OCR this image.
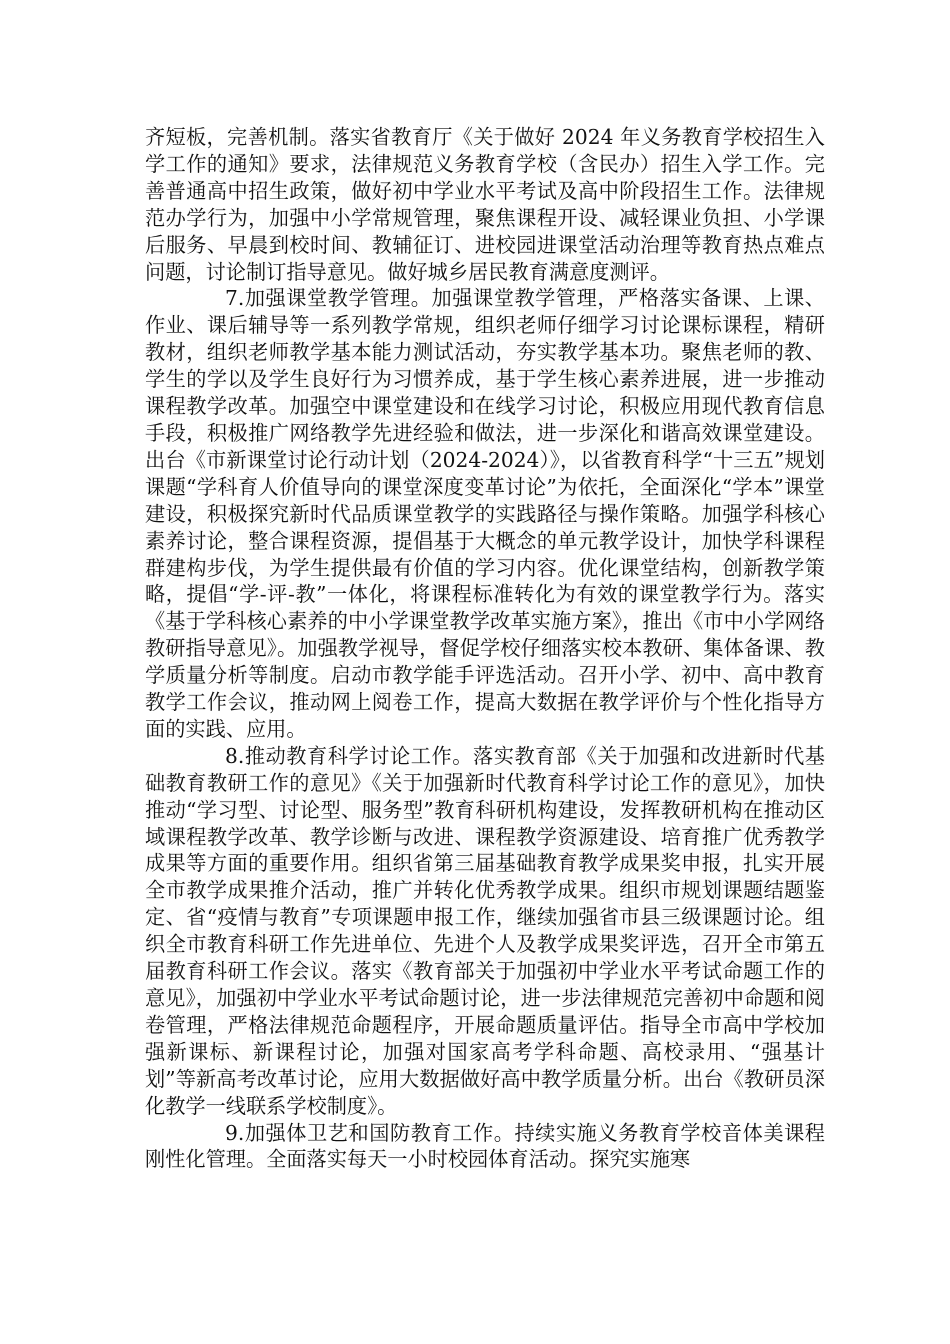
齐短板，完善机制。落实省教育厅《关于做好 2024 年义务教育学校招生入学工作的通知》要求，法律规范义务教育学校（含民办）招生入学工作。完善普通高中招生政策，做好初中学业水平考试及高中阶段招生工作。法律规范办学行为，加强中小学常规管理，聚焦课程开设、减轻课业负担、小学课后服务、早晨到校时间、教辅征订、进校园进课堂活动治理等教育热点难点问题，讨论制订指导意见。做好城乡居民教育满意度测评。

7.加强课堂教学管理。加强课堂教学管理，严格落实备课、上课、作业、课后辅导等一系列教学常规，组织老师仔细学习讨论课标课程，精研教材，组织老师教学基本能力测试活动，夯实教学基本功。聚焦老师的教、学生的学以及学生良好行为习惯养成，基于学生核心素养进展，进一步推动课程教学改革。加强空中课堂建设和在线学习讨论，积极应用现代教育信息手段，积极推广网络教学先进经验和做法，进一步深化和谐高效课堂建设。出台《市新课堂讨论行动计划（2024-2024）》，以省教育科学“十三五”规划课题“学科育人价值导向的课堂深度变革讨论”为依托，全面深化“学本”课堂建设，积极探究新时代品质课堂教学的实践路径与操作策略。加强学科核心素养讨论，整合课程资源，提倡基于大概念的单元教学设计，加快学科课程群建构步伐，为学生提供最有价值的学习内容。优化课堂结构，创新教学策略，提倡“学-评-教”一体化，将课程标准转化为有效的课堂教学行为。落实《基于学科核心素养的中小学课堂教学改革实施方案》，推出《市中小学网络教研指导意见》。加强教学视导，督促学校仔细落实校本教研、集体备课、教学质量分析等制度。启动市教学能手评选活动。召开小学、初中、高中教育教学工作会议，推动网上阅卷工作，提高大数据在教学评价与个性化指导方面的实践、应用。

8.推动教育科学讨论工作。落实教育部《关于加强和改进新时代基础教育教研工作的意见》《关于加强新时代教育科学讨论工作的意见》，加快推动“学习型、讨论型、服务型”教育科研机构建设，发挥教研机构在推动区域课程教学改革、教学诊断与改进、课程教学资源建设、培育推广优秀教学成果等方面的重要作用。组织省第三届基础教育教学成果奖申报，扎实开展全市教学成果推介活动，推广并转化优秀教学成果。组织市规划课题结题鉴定、省“疫情与教育”专项课题申报工作，继续加强省市县三级课题讨论。组织全市教育科研工作先进单位、先进个人及教学成果奖评选，召开全市第五届教育科研工作会议。落实《教育部关于加强初中学业水平考试命题工作的意见》，加强初中学业水平考试命题讨论，进一步法律规范完善初中命题和阅卷管理，严格法律规范命题程序，开展命题质量评估。指导全市高中学校加强新课标、新课程讨论，加强对国家高考学科命题、高校录用、“强基计划”等新高考改革讨论，应用大数据做好高中教学质量分析。出台《教研员深化教学一线联系学校制度》。

9.加强体卫艺和国防教育工作。持续实施义务教育学校音体美课程刚性化管理。全面落实每天一小时校园体育活动。探究实施寒
